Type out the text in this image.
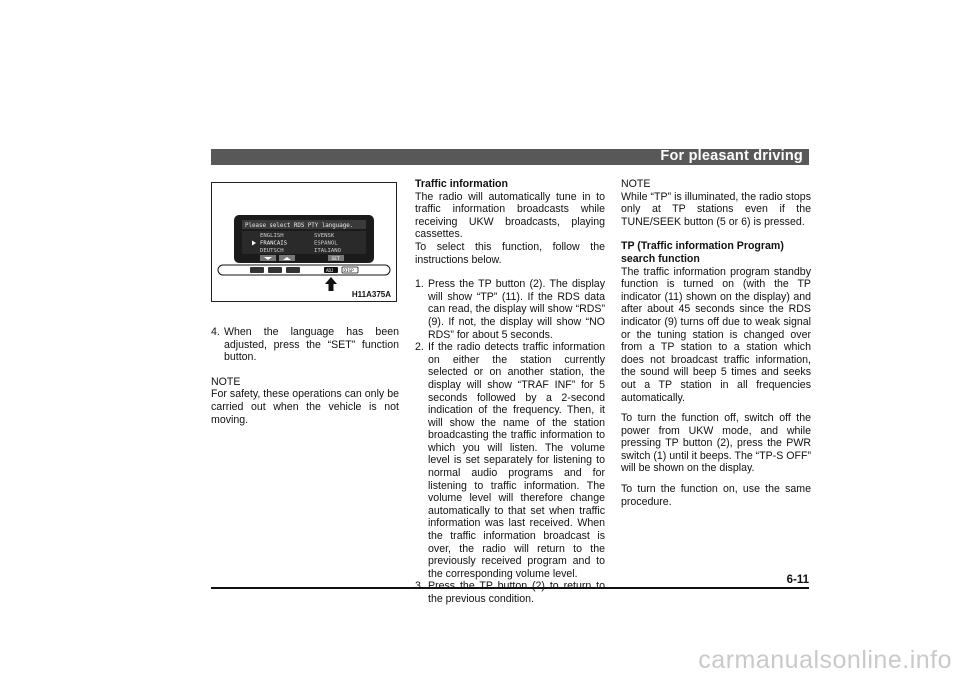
For pleasant driving
Please select RDS PTY language.
ENGLISH
FRANCAIS
DEUTSCH
SVENSK
ESPANOL
ITALIANO
SET
ADJ DISP
H11A375A
4. When the language has been adjusted, press the “SET” function button.

NOTE

For safety, these operations can only be carried out when the vehicle is not moving.

Traffic information

The radio will automatically tune in to traffic information broadcasts while receiving UKW broadcasts, playing cassettes.

To select this function, follow the instructions below.

1. Press the TP button (2). The display will show “TP” (11). If the RDS data can read, the display will show “RDS” (9). If not, the display will show “NO RDS” for about 5 seconds.
2. If the radio detects traffic information on either the station currently selected or on another station, the display will show “TRAF INF” for 5 seconds followed by a 2-second indication of the frequency. Then, it will show the name of the station broadcasting the traffic information to which you will listen. The volume level is set separately for listening to normal audio programs and for listening to traffic information. The volume level will therefore change automatically to that set when traffic information was last received. When the traffic information broadcast is over, the radio will return to the previously received program and to the corresponding volume level.
the previous condition.

NOTE

While “TP” is illuminated, the radio stops only at TP stations even if the TUNE/SEEK button (5 or 6) is pressed.

TP (Traffic information Program) search function

The traffic information program standby function is turned on (with the TP indicator (11) shown on the display) and after about 45 seconds since the RDS indicator (9) turns off due to weak signal or the tuning station is changed over from a TP station to a station which does not broadcast traffic information, the sound will beep 5 times and seeks out a TP station in all frequencies automatically.

To turn the function off, switch off the power from UKW mode, and while pressing TP button (2), press the PWR switch (1) until it beeps. The “TP-S OFF” will be shown on the display.

To turn the function on, use the same procedure.

6-11
carmanualsonline.info
